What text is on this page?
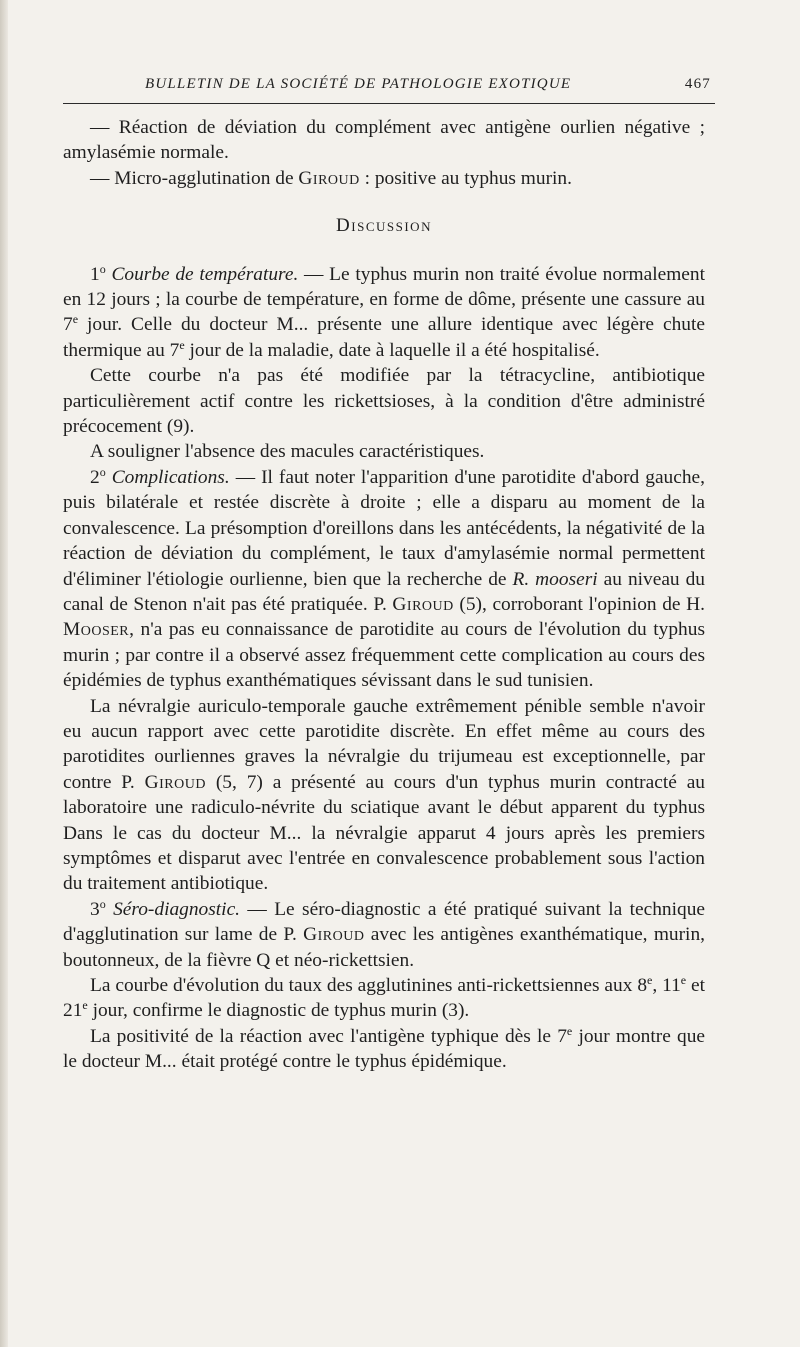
BULLETIN DE LA SOCIÉTÉ DE PATHOLOGIE EXOTIQUE	467

— Réaction de déviation du complément avec antigène ourlien négative ; amylasémie normale.

— Micro-agglutination de Giroud : positive au typhus murin.

Discussion

1$^o$ Courbe de température. — Le typhus murin non traité évolue normalement en 12 jours ; la courbe de température, en forme de dôme, présente une cassure au 7e jour. Celle du docteur M... présente une allure identique avec légère chute thermique au 7e jour de la maladie, date à laquelle il a été hospitalisé.

Cette courbe n'a pas été modifiée par la tétracycline, antibiotique particulièrement actif contre les rickettsioses, à la condition d'être administré précocement (9).

A souligner l'absence des macules caractéristiques.

2$^o$ Complications. — Il faut noter l'apparition d'une parotidite d'abord gauche, puis bilatérale et restée discrète à droite ; elle a disparu au moment de la convalescence. La présomption d'oreillons dans les antécédents, la négativité de la réaction de déviation du complément, le taux d'amylasémie normal permettent d'éliminer l'étiologie ourlienne, bien que la recherche de R. mooseri au niveau du canal de Stenon n'ait pas été pratiquée. P. Giroud (5), corroborant l'opinion de H. Mooser, n'a pas eu connaissance de parotidite au cours de l'évolution du typhus murin ; par contre il a observé assez fréquemment cette complication au cours des épidémies de typhus exanthématiques sévissant dans le sud tunisien.

La névralgie auriculo-temporale gauche extrêmement pénible semble n'avoir eu aucun rapport avec cette parotidite discrète. En effet même au cours des parotidites ourliennes graves la névralgie du trijumeau est exceptionnelle, par contre P. Giroud (5, 7) a présenté au cours d'un typhus murin contracté au laboratoire une radiculo-névrite du sciatique avant le début apparent du typhus Dans le cas du docteur M... la névralgie apparut 4 jours après les premiers symptômes et disparut avec l'entrée en convalescence probablement sous l'action du traitement antibiotique.

3$^o$ Séro-diagnostic. — Le séro-diagnostic a été pratiqué suivant la technique d'agglutination sur lame de P. Giroud avec les antigènes exanthématique, murin, boutonneux, de la fièvre Q et néo-rickettsien.

La courbe d'évolution du taux des agglutinines anti-rickettsiennes aux 8e, 11e et 21e jour, confirme le diagnostic de typhus murin (3).

La positivité de la réaction avec l'antigène typhique dès le 7e jour montre que le docteur M... était protégé contre le typhus épidémique.
